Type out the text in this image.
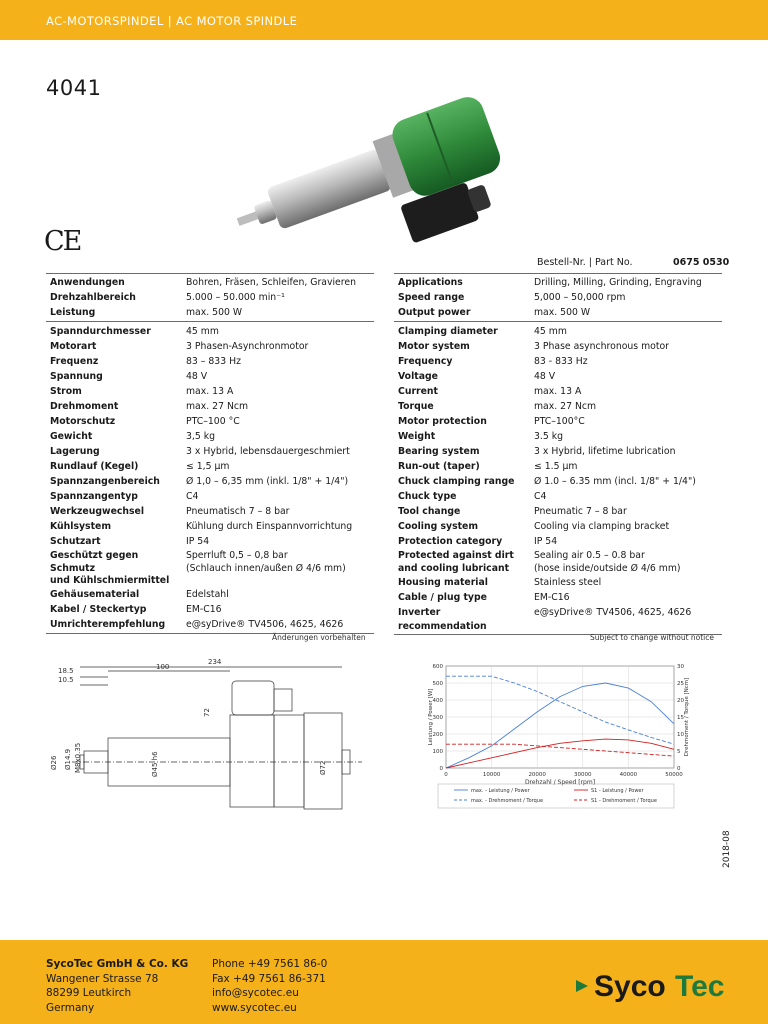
AC-MOTORSPINDEL | AC MOTOR SPINDLE
4041
CE
Bestell-Nr. | Part No.	0675 0530
Anwendungen	Bohren, Fräsen, Schleifen, Gravieren
Drehzahlbereich	5.000 – 50.000 min⁻¹
Leistung	max. 500 W
Spanndurchmesser	45 mm
Motorart	3 Phasen-Asynchronmotor
Frequenz	83 – 833 Hz
Spannung	48 V
Strom	max. 13 A
Drehmoment	max. 27 Ncm
Motorschutz	PTC–100 °C
Gewicht	3,5 kg
Lagerung	3 x Hybrid, lebensdauergeschmiert
Rundlauf (Kegel)	≤ 1,5 µm
Spannzangenbereich	Ø 1,0 – 6,35 mm (inkl. 1/8" + 1/4")
Spannzangentyp	C4
Werkzeugwechsel	Pneumatisch 7 – 8 bar
Kühlsystem	Kühlung durch Einspannvorrichtung
Schutzart	IP 54
Geschützt gegen Schmutz
und Kühlschmiermittel	Sperrluft 0,5 – 0,8 bar
(Schlauch innen/außen Ø 4/6 mm)
Gehäusematerial	Edelstahl
Kabel / Steckertyp	EM-C16
Umrichterempfehlung	e@syDrive® TV4506, 4625, 4626
Applications	Drilling, Milling, Grinding, Engraving
Speed range	5,000 – 50,000 rpm
Output power	max. 500 W
Clamping diameter	45 mm
Motor system	3 Phase asynchronous motor
Frequency	83 - 833 Hz
Voltage	48 V
Current	max. 13 A
Torque	max. 27 Ncm
Motor protection	PTC–100°C
Weight	3.5 kg
Bearing system	3 x Hybrid, lifetime lubrication
Run-out (taper)	≤ 1.5 µm
Chuck clamping range	Ø 1.0 – 6.35 mm (incl. 1/8" + 1/4")
Chuck type	C4
Tool change	Pneumatic 7 – 8 bar
Cooling system	Cooling via clamping bracket
Protection category	IP 54
Protected against dirt
and cooling lubricant	Sealing air 0.5 – 0.8 bar
(hose inside/outside Ø 4/6 mm)
Housing material	Stainless steel
Cable / plug type	EM-C16
Inverter recommendation	e@syDrive® TV4506, 4625, 4626
Änderungen vorbehalten	Subject to change without notice
234
18.5
10.5
100
72
Ø26 Ø14.9 M8x0.35	Ø45 h6	Ø72	0	10000	20000	30000	40000	50000
0
100
200
300
400
500
600
0
5
10
15
20
25
30
Drehzahl / Speed [rpm]
Leistung / Power [W]	Drehmoment / Torque [Ncm]
max. - Leistung / Power
max. - Drehmoment / Torque
S1 - Leistung / Power
S1 - Drehmoment / Torque
2018-08
SycoTec GmbH & Co. KG
Wangener Strasse 78
88299 Leutkirch
Germany
Phone +49 7561 86-0
Fax +49 7561 86-371
info@sycotec.eu
www.sycotec.eu
Syco Tec
